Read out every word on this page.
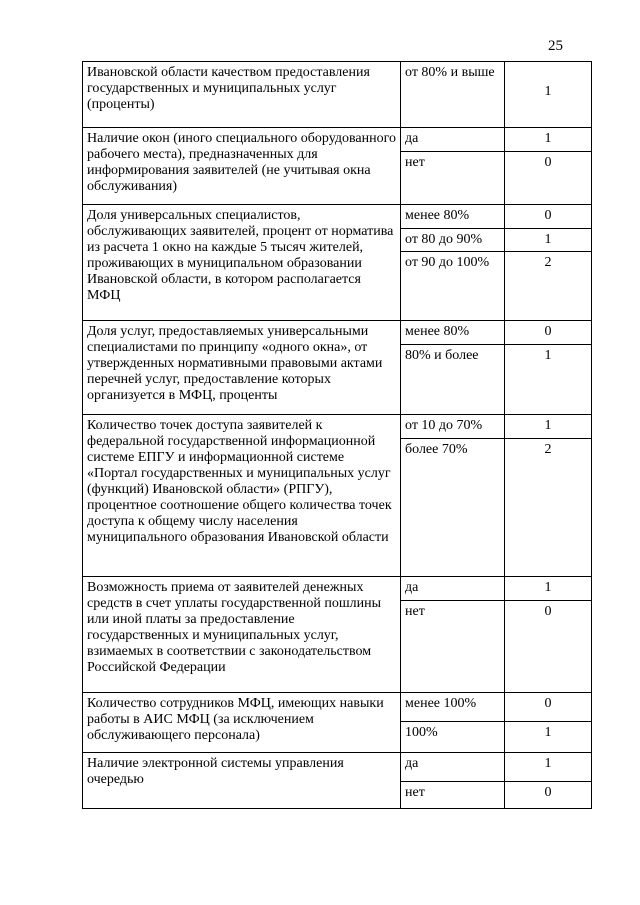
25
Ивановской области качеством предоставления государственных и муниципальных услуг (проценты)	от 80% и выше	1
Наличие окон (иного специального оборудованного рабочего места), предназначенных для информирования заявителей (не учитывая окна обслуживания)	да	1
	нет	0
Доля универсальных специалистов, обслуживающих заявителей, процент от норматива из расчета 1 окно на каждые 5 тысяч жителей, проживающих в муниципальном образовании Ивановской области, в котором располагается МФЦ	менее 80%	0
	от 80 до 90%	1
	от 90 до 100%	2
Доля услуг, предоставляемых универсальными специалистами по принципу «одного окна», от утвержденных нормативными правовыми актами перечней услуг, предоставление которых организуется в МФЦ, проценты	менее 80%	0
	80% и более	1
Количество точек доступа заявителей к федеральной государственной информационной системе ЕПГУ и информационной системе «Портал государственных и муниципальных услуг (функций) Ивановской области» (РПГУ), процентное соотношение общего количества точек доступа к общему числу населения муниципального образования Ивановской области	от 10 до 70%	1
	более 70%	2
Возможность приема от заявителей денежных средств в счет уплаты государственной пошлины или иной платы за предоставление государственных и муниципальных услуг, взимаемых в соответствии с законодательством Российской Федерации	да	1
	нет	0
Количество сотрудников МФЦ, имеющих навыки работы в АИС МФЦ (за исключением обслуживающего персонала)	менее 100%	0
	100%	1
Наличие электронной системы управления очередью	да	1
	нет	0
